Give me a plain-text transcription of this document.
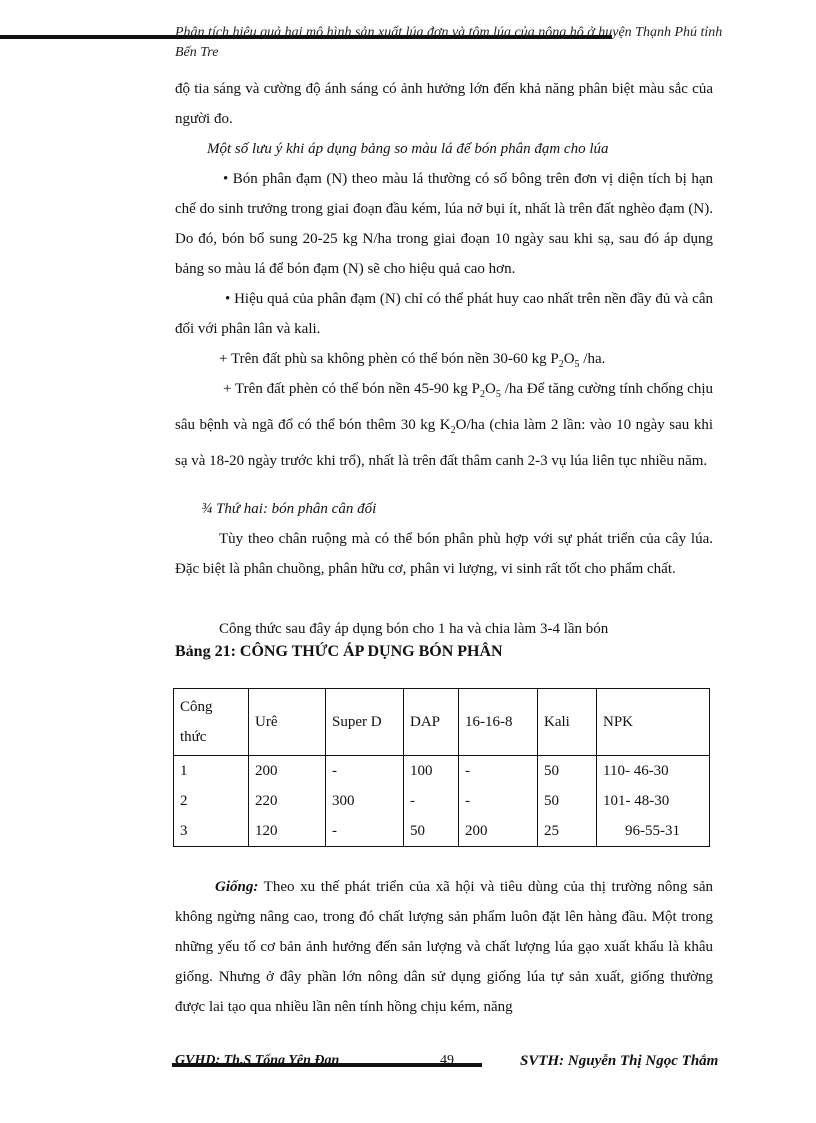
Phân tích hiệu quả hai mô hình sản xuất lúa đơn và tôm lúa của nông hộ ở huyện Thạnh Phú tỉnh Bến Tre

độ tia sáng và cường độ ánh sáng có ảnh hưởng lớn đến khả năng phân biệt màu sắc của người đo.

Một số lưu ý khi áp dụng bảng so màu lá để bón phân đạm cho lúa

• Bón phân đạm (N) theo màu lá thường có số bông trên đơn vị diện tích bị hạn chế do sinh trưởng trong giai đoạn đầu kém, lúa nở bụi ít, nhất là trên đất nghèo đạm (N). Do đó, bón bổ sung 20-25 kg N/ha trong giai đoạn 10 ngày sau khi sạ, sau đó áp dụng bảng so màu lá để bón đạm (N) sẽ cho hiệu quả cao hơn.

• Hiệu quả của phân đạm (N) chỉ có thể phát huy cao nhất trên nền đầy đủ và cân đối với phân lân và kali.

+ Trên đất phù sa không phèn có thể bón nền 30-60 kg $P_2O_5$ /ha.

+ Trên đất phèn có thể bón nền 45-90 kg $P_2O_5$ /ha Để tăng cường tính chống chịu sâu bệnh và ngã đổ có thể bón thêm 30 kg $K_2O/ha$ (chia làm 2 lần: vào 10 ngày sau khi sạ và 18-20 ngày trước khi trổ), nhất là trên đất thâm canh 2-3 vụ lúa liên tục nhiều năm.

¾ Thứ hai: bón phân cân đối

Tùy theo chân ruộng mà có thể bón phân phù hợp với sự phát triển của cây lúa. Đặc biệt là phân chuồng, phân hữu cơ, phân vi lượng, vi sinh rất tốt cho phẩm chất.

Công thức sau đây áp dụng bón cho 1 ha và chia làm 3-4 lần bón

Bảng 21: CÔNG THỨC ÁP DỤNG BÓN PHÂN
Công thức	Urê	Super D	DAP	16-16-8	Kali	NPK
1	200	-	100	-	50	110- 46-30
2	220	300	-	-	50	101- 48-30
3	120	-	50	200	25	96-55-31

Giống: Theo xu thế phát triển của xã hội và tiêu dùng của thị trường nông sản không ngừng nâng cao, trong đó chất lượng sản phẩm luôn đặt lên hàng đầu. Một trong những yếu tố cơ bản ảnh hưởng đến sản lượng và chất lượng lúa gạo xuất khẩu là khâu giống. Nhưng ở đây phần lớn nông dân sử dụng giống lúa tự sản xuất, giống thường được lai tạo qua nhiều lần nên tính hồng chịu kém, năng

GVHD: Th.S Tống Yên Đan	49	SVTH: Nguyễn Thị Ngọc Thắm
